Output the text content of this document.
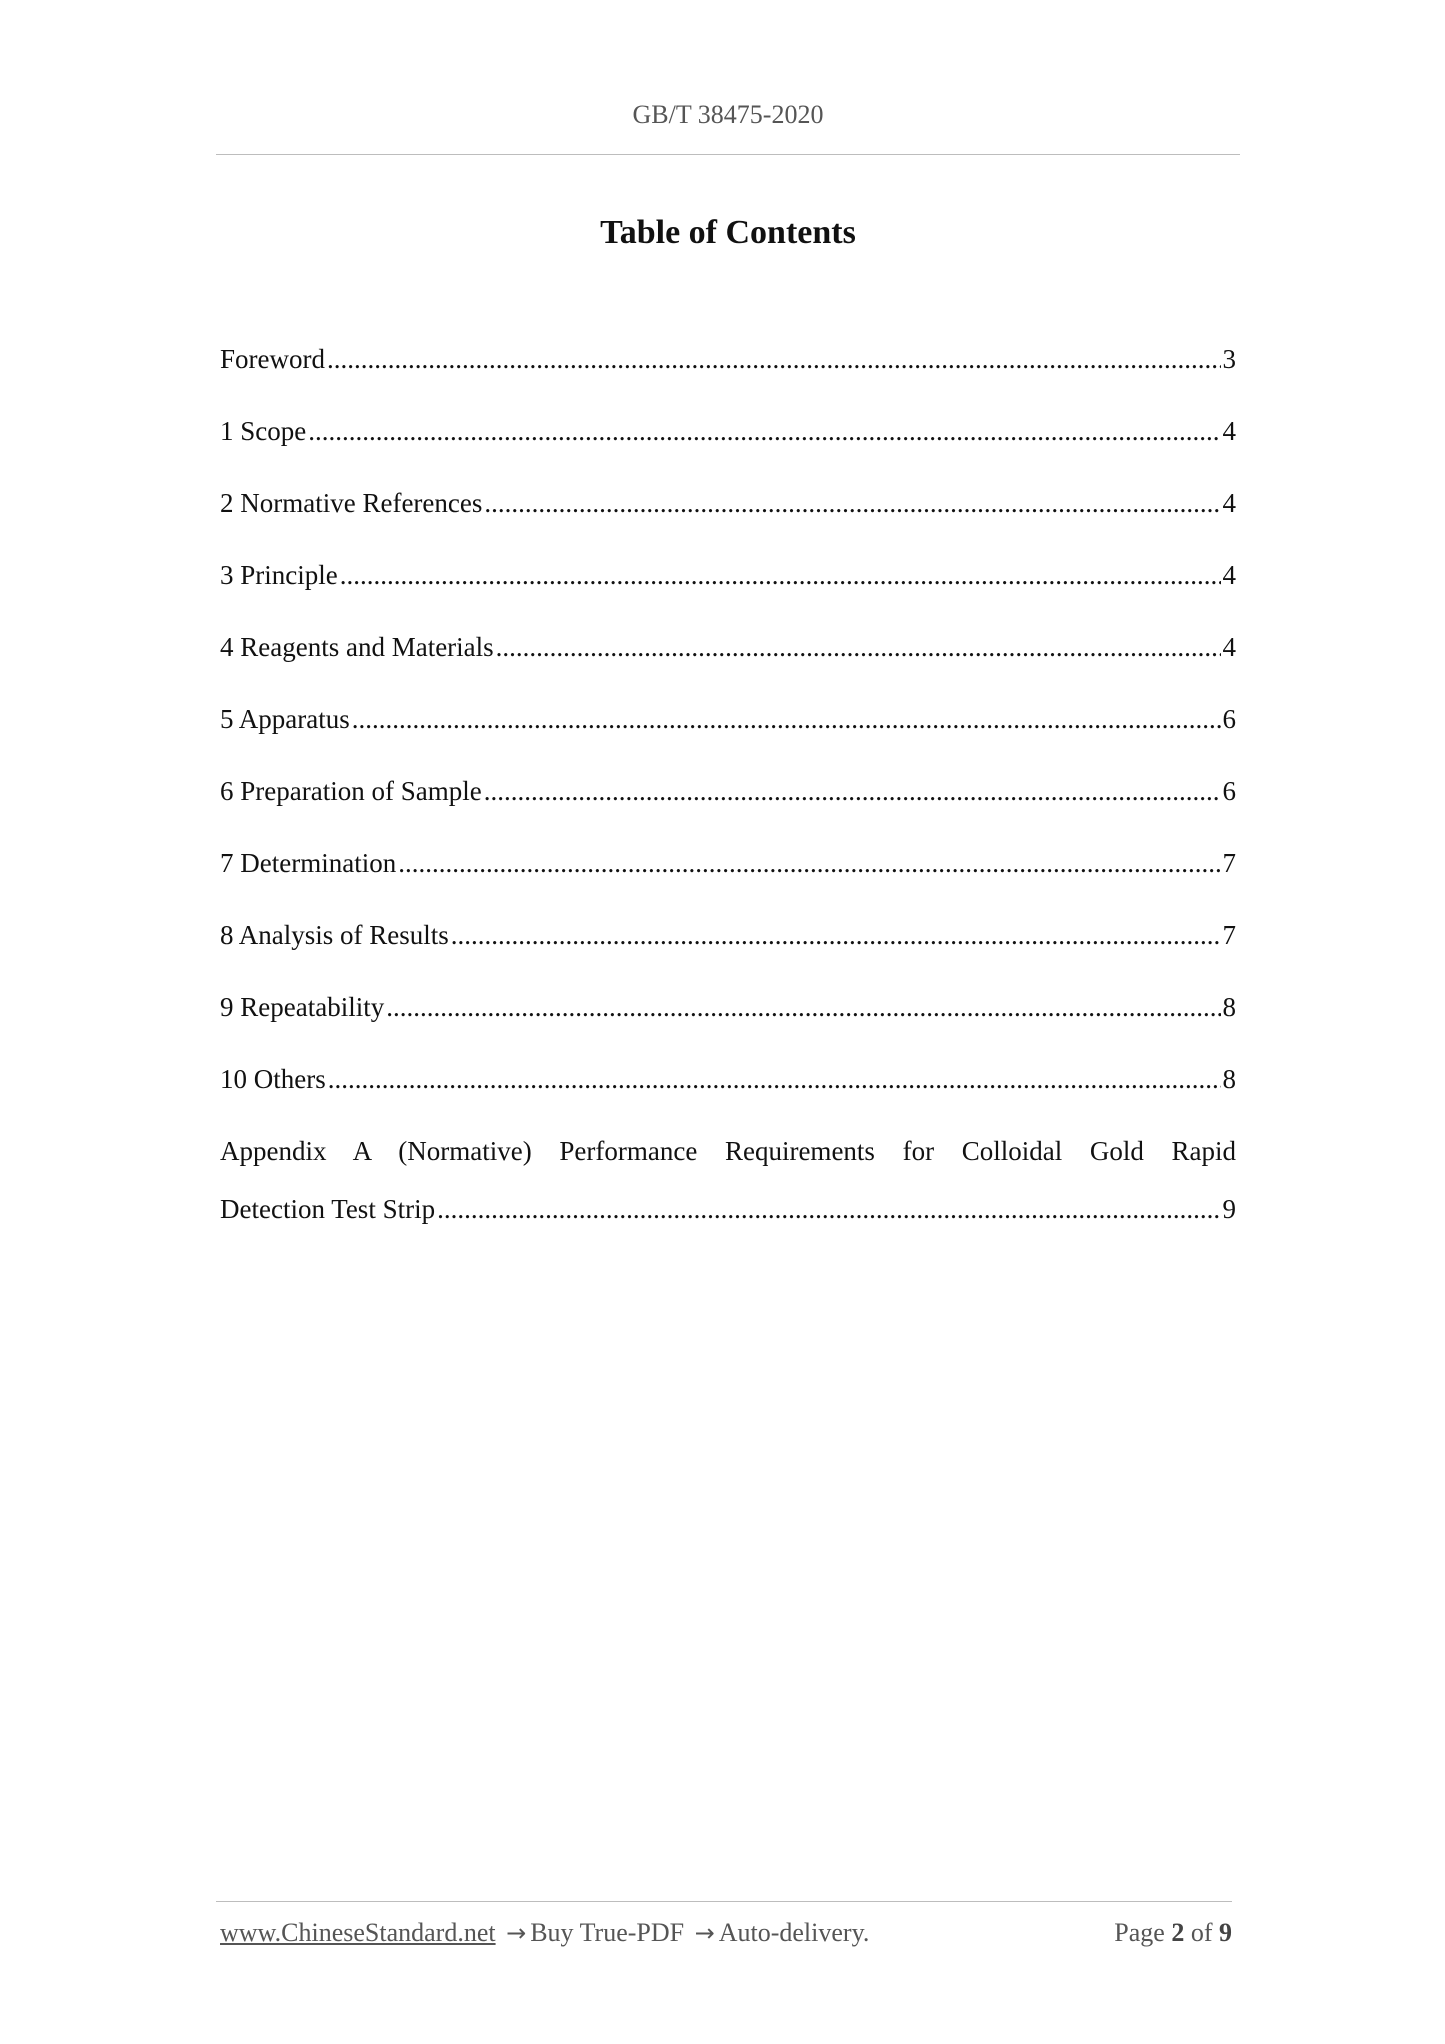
GB/T 38475-2020
Table of Contents
Foreword .....	3
1 Scope .....	4
2 Normative References .....	4
3 Principle .....	4
4 Reagents and Materials .....	4
5 Apparatus .....	6
6 Preparation of Sample .....	6
7 Determination .....	7
8 Analysis of Results .....	7
9 Repeatability .....	8
10 Others .....	8
Appendix A (Normative) Performance Requirements for Colloidal Gold Rapid
Detection Test Strip .....	9
www.ChineseStandard.net → Buy True-PDF → Auto-delivery.	Page 2 of 9
